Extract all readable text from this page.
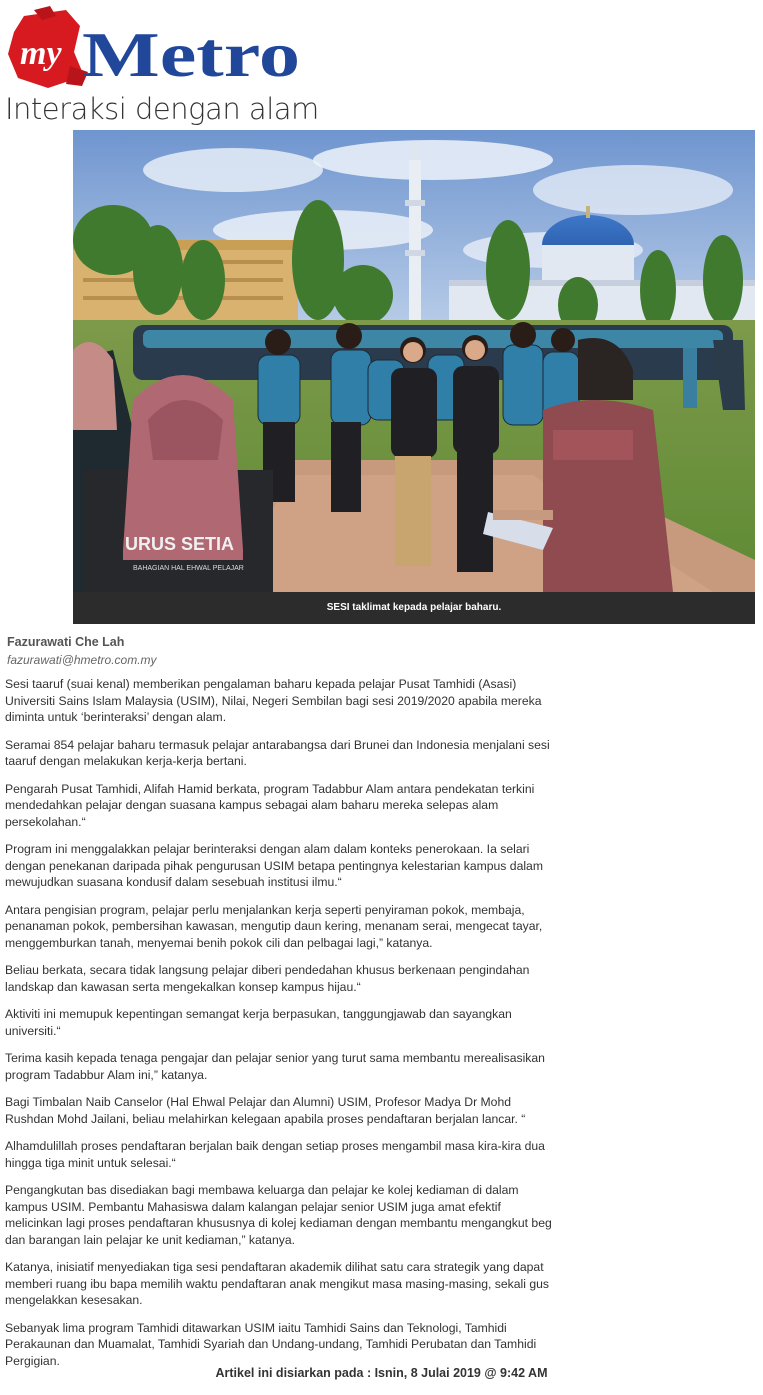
my Metro
Interaksi dengan alam
URUS SETIA
BAHAGIAN HAL EHWAL PELAJAR
SESI taklimat kepada pelajar baharu.
Fazurawati Che Lah
fazurawati@hmetro.com.my

Sesi taaruf (suai kenal) memberikan pengalaman baharu kepada pelajar Pusat Tamhidi (Asasi) Universiti Sains Islam Malaysia (USIM), Nilai, Negeri Sembilan bagi sesi 2019/2020 apabila mereka diminta untuk ‘berinteraksi’ dengan alam.

Seramai 854 pelajar baharu termasuk pelajar antarabangsa dari Brunei dan Indonesia menjalani sesi taaruf dengan melakukan kerja-kerja bertani.

Pengarah Pusat Tamhidi, Alifah Hamid berkata, program Tadabbur Alam antara pendekatan terkini mendedahkan pelajar dengan suasana kampus sebagai alam baharu mereka selepas alam persekolahan.“

Program ini menggalakkan pelajar berinteraksi dengan alam dalam konteks penerokaan. Ia selari dengan penekanan daripada pihak pengurusan USIM betapa pentingnya kelestarian kampus dalam mewujudkan suasana kondusif dalam sesebuah institusi ilmu.“

Antara pengisian program, pelajar perlu menjalankan kerja seperti penyiraman pokok, membaja, penanaman pokok, pembersihan kawasan, mengutip daun kering, menanam serai, mengecat tayar, menggemburkan tanah, menyemai benih pokok cili dan pelbagai lagi,” katanya.

Beliau berkata, secara tidak langsung pelajar diberi pendedahan khusus berkenaan pengindahan landskap dan kawasan serta mengekalkan konsep kampus hijau.“

Aktiviti ini memupuk kepentingan semangat kerja berpasukan, tanggungjawab dan sayangkan universiti.“

Terima kasih kepada tenaga pengajar dan pelajar senior yang turut sama membantu merealisasikan program Tadabbur Alam ini,” katanya.

Bagi Timbalan Naib Canselor (Hal Ehwal Pelajar dan Alumni) USIM, Profesor Madya Dr Mohd Rushdan Mohd Jailani, beliau melahirkan kelegaan apabila proses pendaftaran berjalan lancar. “

Alhamdulillah proses pendaftaran berjalan baik dengan setiap proses mengambil masa kira-kira dua hingga tiga minit untuk selesai.“

Pengangkutan bas disediakan bagi membawa keluarga dan pelajar ke kolej kediaman di dalam kampus USIM. Pembantu Mahasiswa dalam kalangan pelajar senior USIM juga amat efektif melicinkan lagi proses pendaftaran khususnya di kolej kediaman dengan membantu mengangkut beg dan barangan lain pelajar ke unit kediaman,” katanya.

Katanya, inisiatif menyediakan tiga sesi pendaftaran akademik dilihat satu cara strategik yang dapat memberi ruang ibu bapa memilih waktu pendaftaran anak mengikut masa masing-masing, sekali gus mengelakkan kesesakan.

Sebanyak lima program Tamhidi ditawarkan USIM iaitu Tamhidi Sains dan Teknologi, Tamhidi Perakaunan dan Muamalat, Tamhidi Syariah dan Undang-undang, Tamhidi Perubatan dan Tamhidi Pergigian.

Artikel ini disiarkan pada : Isnin, 8 Julai 2019 @ 9:42 AM
